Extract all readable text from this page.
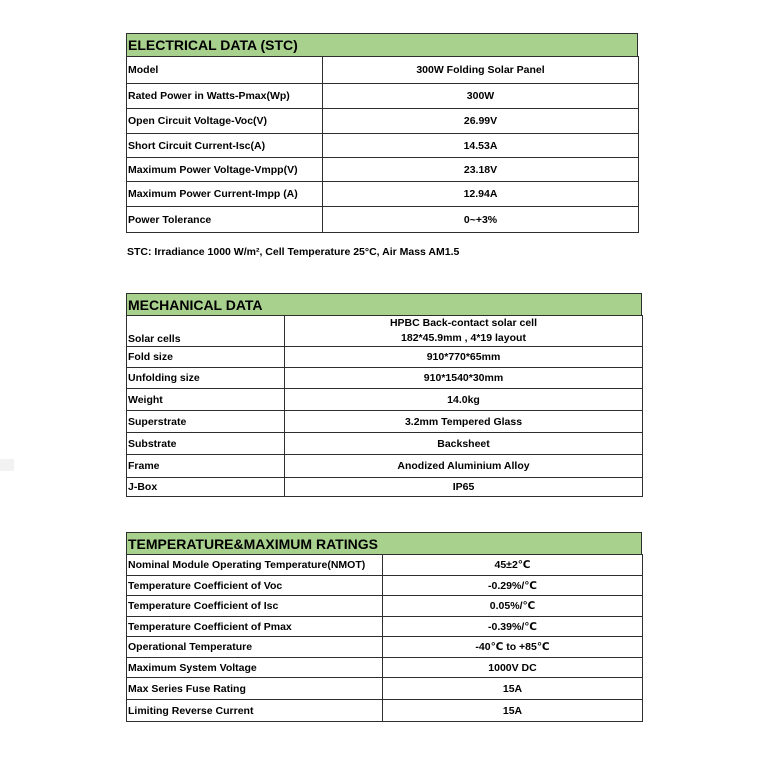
ELECTRICAL DATA (STC)
Model	300W Folding Solar Panel
Rated Power in Watts-Pmax(Wp)	300W
Open Circuit Voltage-Voc(V)	26.99V
Short Circuit Current-Isc(A)	14.53A
Maximum Power Voltage-Vmpp(V)	23.18V
Maximum Power Current-Impp (A)	12.94A
Power Tolerance	0~+3%
STC: Irradiance 1000 W/m², Cell Temperature 25°C, Air Mass AM1.5
MECHANICAL DATA
Solar cells	HPBC Back-contact solar cell
182*45.9mm , 4*19 layout

Fold size	910*770*65mm
Unfolding size	910*1540*30mm
Weight	14.0kg
Superstrate	3.2mm Tempered Glass
Substrate	Backsheet
Frame	Anodized Aluminium Alloy
J-Box	IP65
TEMPERATURE&MAXIMUM RATINGS
Nominal Module Operating Temperature(NMOT)	45±2℃
Temperature Coefficient of Voc	-0.29%/℃
Temperature Coefficient of Isc	0.05%/℃
Temperature Coefficient of Pmax	-0.39%/℃
Operational Temperature	-40℃ to +85℃
Maximum System Voltage	1000V DC
Max Series Fuse Rating	15A
Limiting Reverse Current	15A
